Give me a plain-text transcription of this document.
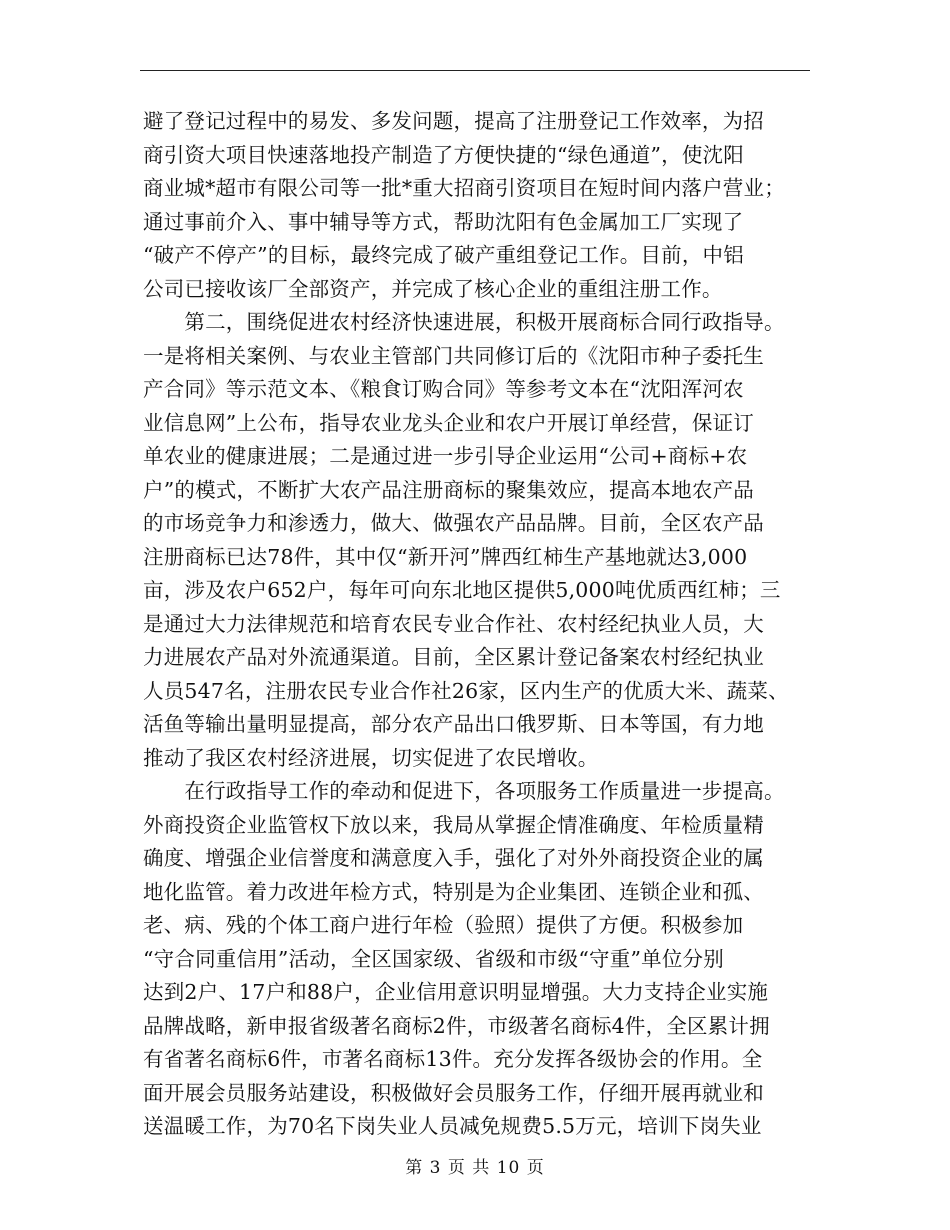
避了登记过程中的易发、多发问题，提高了注册登记工作效率，为招
商引资大项目快速落地投产制造了方便快捷的“绿色通道”，使沈阳
商业城*超市有限公司等一批*重大招商引资项目在短时间内落户营业；
通过事前介入、事中辅导等方式，帮助沈阳有色金属加工厂实现了
“破产不停产”的目标，最终完成了破产重组登记工作。目前，中铝
公司已接收该厂全部资产，并完成了核心企业的重组注册工作。
　　第二，围绕促进农村经济快速进展，积极开展商标合同行政指导。
一是将相关案例、与农业主管部门共同修订后的《沈阳市种子委托生
产合同》等示范文本、《粮食订购合同》等参考文本在“沈阳浑河农
业信息网”上公布，指导农业龙头企业和农户开展订单经营，保证订
单农业的健康进展；二是通过进一步引导企业运用“公司+商标+农
户”的模式，不断扩大农产品注册商标的聚集效应，提高本地农产品
的市场竞争力和渗透力，做大、做强农产品品牌。目前，全区农产品
注册商标已达78件，其中仅“新开河”牌西红柿生产基地就达3,000
亩，涉及农户652户，每年可向东北地区提供5,000吨优质西红柿；三
是通过大力法律规范和培育农民专业合作社、农村经纪执业人员，大
力进展农产品对外流通渠道。目前，全区累计登记备案农村经纪执业
人员547名，注册农民专业合作社26家，区内生产的优质大米、蔬菜、
活鱼等输出量明显提高，部分农产品出口俄罗斯、日本等国，有力地
推动了我区农村经济进展，切实促进了农民增收。
　　在行政指导工作的牵动和促进下，各项服务工作质量进一步提高。
外商投资企业监管权下放以来，我局从掌握企情准确度、年检质量精
确度、增强企业信誉度和满意度入手，强化了对外外商投资企业的属
地化监管。着力改进年检方式，特别是为企业集团、连锁企业和孤、
老、病、残的个体工商户进行年检（验照）提供了方便。积极参加
“守合同重信用”活动，全区国家级、省级和市级“守重”单位分别
达到2户、17户和88户，企业信用意识明显增强。大力支持企业实施
品牌战略，新申报省级著名商标2件，市级著名商标4件，全区累计拥
有省著名商标6件，市著名商标13件。充分发挥各级协会的作用。全
面开展会员服务站建设，积极做好会员服务工作，仔细开展再就业和
送温暖工作，为70名下岗失业人员减免规费5.5万元，培训下岗失业
第 3 页 共 10 页
